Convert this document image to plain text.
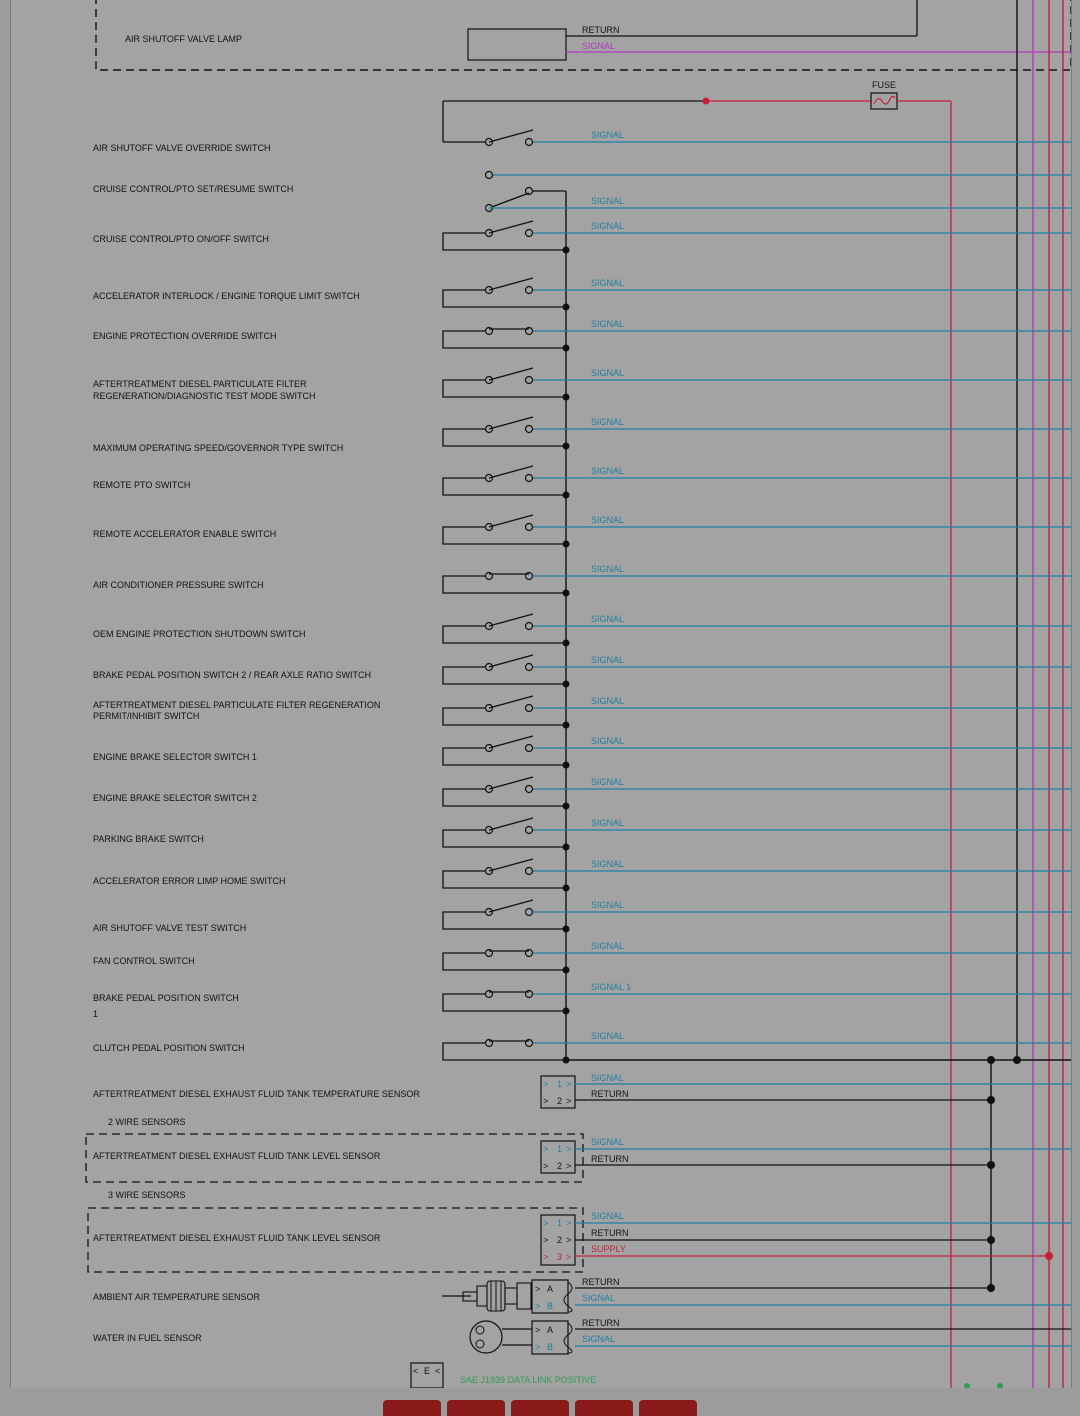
AIR SHUTOFF VALVE LAMP
RETURN
SIGNAL
FUSE
AIR SHUTOFF VALVE OVERRIDE SWITCH
SIGNAL
CRUISE CONTROL/PTO SET/RESUME SWITCH
SIGNAL
CRUISE CONTROL/PTO ON/OFF SWITCH
SIGNAL
ACCELERATOR INTERLOCK / ENGINE TORQUE LIMIT SWITCH
SIGNAL
ENGINE PROTECTION OVERRIDE SWITCH
SIGNAL
AFTERTREATMENT DIESEL PARTICULATE FILTER
REGENERATION/DIAGNOSTIC TEST MODE SWITCH
SIGNAL
MAXIMUM OPERATING SPEED/GOVERNOR TYPE SWITCH
SIGNAL
REMOTE PTO SWITCH
SIGNAL
REMOTE ACCELERATOR ENABLE SWITCH
SIGNAL
AIR CONDITIONER PRESSURE SWITCH
SIGNAL
OEM ENGINE PROTECTION SHUTDOWN SWITCH
SIGNAL
BRAKE PEDAL POSITION SWITCH 2 / REAR AXLE RATIO SWITCH
SIGNAL
AFTERTREATMENT DIESEL PARTICULATE FILTER REGENERATION
PERMIT/INHIBIT SWITCH
SIGNAL
ENGINE BRAKE SELECTOR SWITCH 1
SIGNAL
ENGINE BRAKE SELECTOR SWITCH 2
SIGNAL
PARKING BRAKE SWITCH
SIGNAL
ACCELERATOR ERROR LIMP HOME SWITCH
SIGNAL
AIR SHUTOFF VALVE TEST SWITCH
SIGNAL
FAN CONTROL SWITCH
SIGNAL
BRAKE PEDAL POSITION SWITCH
1
SIGNAL 1
CLUTCH PEDAL POSITION SWITCH
SIGNAL
AFTERTREATMENT DIESEL EXHAUST FLUID TANK TEMPERATURE SENSOR
1
2
> >
> >
SIGNAL
RETURN
2 WIRE SENSORS
AFTERTREATMENT DIESEL EXHAUST FLUID TANK LEVEL SENSOR
1
2
> >
> >
SIGNAL
RETURN
3 WIRE SENSORS
AFTERTREATMENT DIESEL EXHAUST FLUID TANK LEVEL SENSOR
1
2
3
> >
> >
> >
SIGNAL
RETURN
SUPPLY
AMBIENT AIR TEMPERATURE SENSOR
A
B
>
>
RETURN
SIGNAL
WATER IN FUEL SENSOR
A
B
>
>
RETURN
SIGNAL
E
< <
SAE J1939 DATA LINK POSITIVE
